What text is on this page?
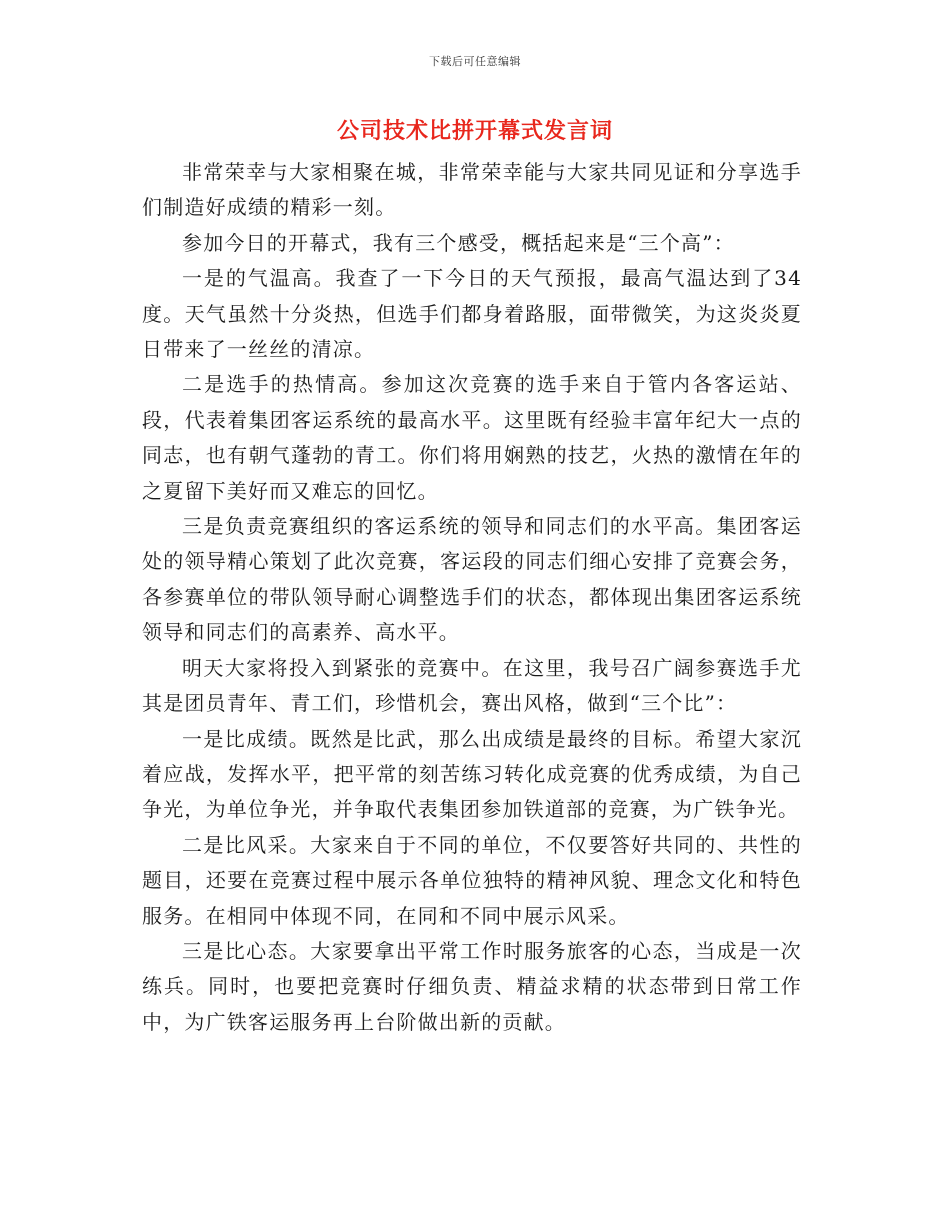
下载后可任意编辑
公司技术比拼开幕式发言词

非常荣幸与大家相聚在城，非常荣幸能与大家共同见证和分享选手们制造好成绩的精彩一刻。

参加今日的开幕式，我有三个感受，概括起来是“三个高”：

一是的气温高。我查了一下今日的天气预报，最高气温达到了34度。天气虽然十分炎热，但选手们都身着路服，面带微笑，为这炎炎夏日带来了一丝丝的清凉。

二是选手的热情高。参加这次竞赛的选手来自于管内各客运站、段，代表着集团客运系统的最高水平。这里既有经验丰富年纪大一点的同志，也有朝气蓬勃的青工。你们将用娴熟的技艺，火热的激情在年的之夏留下美好而又难忘的回忆。

三是负责竞赛组织的客运系统的领导和同志们的水平高。集团客运处的领导精心策划了此次竞赛，客运段的同志们细心安排了竞赛会务，各参赛单位的带队领导耐心调整选手们的状态，都体现出集团客运系统领导和同志们的高素养、高水平。

明天大家将投入到紧张的竞赛中。在这里，我号召广阔参赛选手尤其是团员青年、青工们，珍惜机会，赛出风格，做到“三个比”：

一是比成绩。既然是比武，那么出成绩是最终的目标。希望大家沉着应战，发挥水平，把平常的刻苦练习转化成竞赛的优秀成绩，为自己争光，为单位争光，并争取代表集团参加铁道部的竞赛，为广铁争光。

二是比风采。大家来自于不同的单位，不仅要答好共同的、共性的题目，还要在竞赛过程中展示各单位独特的精神风貌、理念文化和特色服务。在相同中体现不同，在同和不同中展示风采。

三是比心态。大家要拿出平常工作时服务旅客的心态，当成是一次练兵。同时，也要把竞赛时仔细负责、精益求精的状态带到日常工作中，为广铁客运服务再上台阶做出新的贡献。
